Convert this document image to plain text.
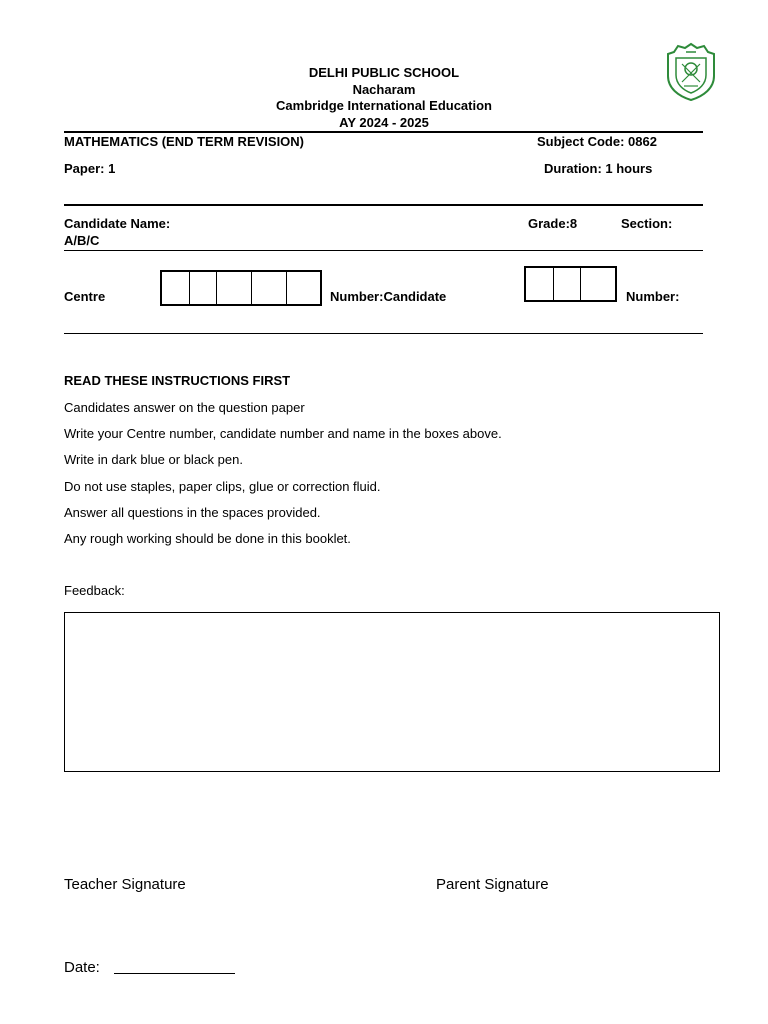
DELHI PUBLIC SCHOOL
Nacharam
Cambridge International Education
AY 2024 - 2025
MATHEMATICS (END TERM REVISION)	Subject Code: 0862
Paper: 1	Duration: 1 hours
Candidate Name:	Grade:8	Section:
A/B/C
Centre	Number:Candidate	Number:
READ THESE INSTRUCTIONS FIRST
Candidates answer on the question paper
Write your Centre number, candidate number and name in the boxes above.
Write in dark blue or black pen.
Do not use staples, paper clips, glue or correction fluid.
Answer all questions in the spaces provided.
Any rough working should be done in this booklet.
Feedback:
Teacher Signature	Parent Signature
Date:
